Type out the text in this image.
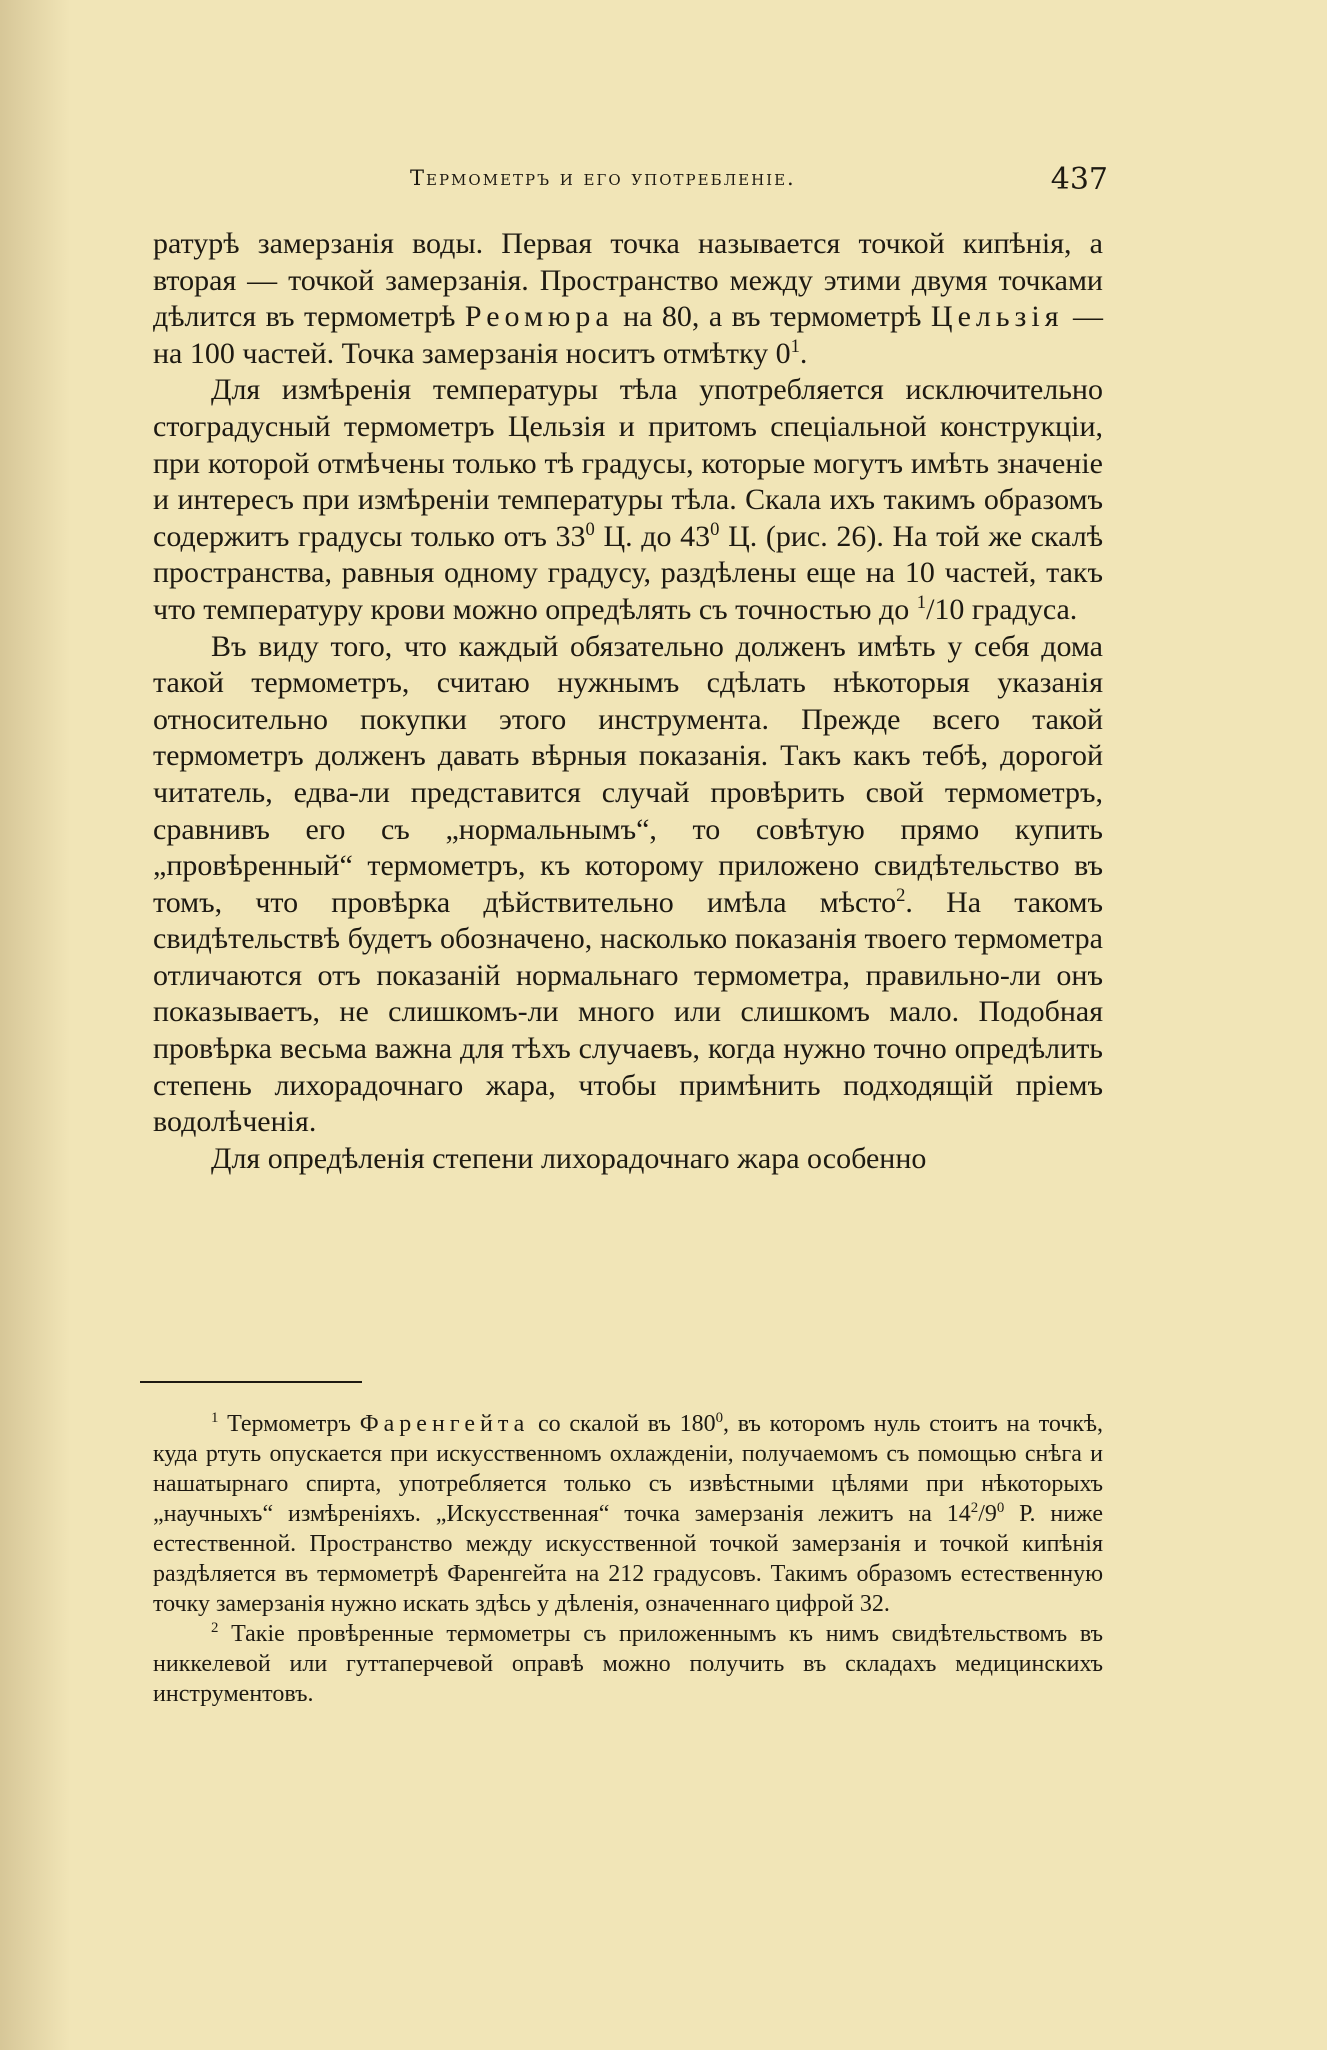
Термометръ и его употребленіе.	437

ратурѣ замерзанія воды. Первая точка называется точкой кипѣнія, а вторая — точкой замерзанія. Пространство между этими двумя точками дѣлится въ термометрѣ Реомюра на 80, а въ термометрѣ Цельзія — на 100 частей. Точка замерзанія носитъ отмѣтку $0^1$.

Для измѣренія температуры тѣла употребляется исключительно стоградусный термометръ Цельзія и притомъ спеціальной конструкціи, при которой отмѣчены только тѣ градусы, которые могутъ имѣть значеніе и интересъ при измѣреніи температуры тѣла. Скала ихъ такимъ образомъ содержитъ градусы только отъ $33^0$ Ц. до $43^0$ Ц. (рис. 26). На той же скалѣ пространства, равныя одному градусу, раздѣлены еще на 10 частей, такъ что температуру крови можно опредѣлять съ точностью до $^1$/10 градуса.

Въ виду того, что каждый обязательно долженъ имѣть у себя дома такой термометръ, считаю нужнымъ сдѣлать нѣкоторыя указанія относительно покупки этого инструмента. Прежде всего такой термометръ долженъ давать вѣрныя показанія. Такъ какъ тебѣ, дорогой читатель, едва-ли представится случай провѣрить свой термометръ, сравнивъ его съ „нормальнымъ“, то совѣтую прямо купить „провѣренный“ термометръ, къ которому приложено свидѣтельство въ томъ, что провѣрка дѣйствительно имѣла мѣсто$^2$. На такомъ свидѣтельствѣ будетъ обозначено, насколько показанія твоего термометра отличаются отъ показаній нормальнаго термометра, правильно-ли онъ показываетъ, не слишкомъ-ли много или слишкомъ мало. Подобная провѣрка весьма важна для тѣхъ случаевъ, когда нужно точно опредѣлить степень лихорадочнаго жара, чтобы примѣнить подходящій пріемъ водолѣченія.

Для опредѣленія степени лихорадочнаго жара особенно

$^1$ Термометръ Фаренгейта со скалой въ $180^0$, въ которомъ нуль стоитъ на точкѣ, куда ртуть опускается при искусственномъ охлажденіи, получаемомъ съ помощью снѣга и нашатырнаго спирта, употребляется только съ извѣстными цѣлями при нѣкоторыхъ „научныхъ“ измѣреніяхъ. „Искусственная“ точка замерзанія лежитъ на $14^2/9^0$ Р. ниже естественной. Пространство между искусственной точкой замерзанія и точкой кипѣнія раздѣляется въ термометрѣ Фаренгейта на 212 градусовъ. Такимъ образомъ естественную точку замерзанія нужно искать здѣсь у дѣленія, означеннаго цифрой 32.

$^2$ Такіе провѣренные термометры съ приложеннымъ къ нимъ свидѣтельствомъ въ никкелевой или гуттаперчевой оправѣ можно получить въ складахъ медицинскихъ инструментовъ.
